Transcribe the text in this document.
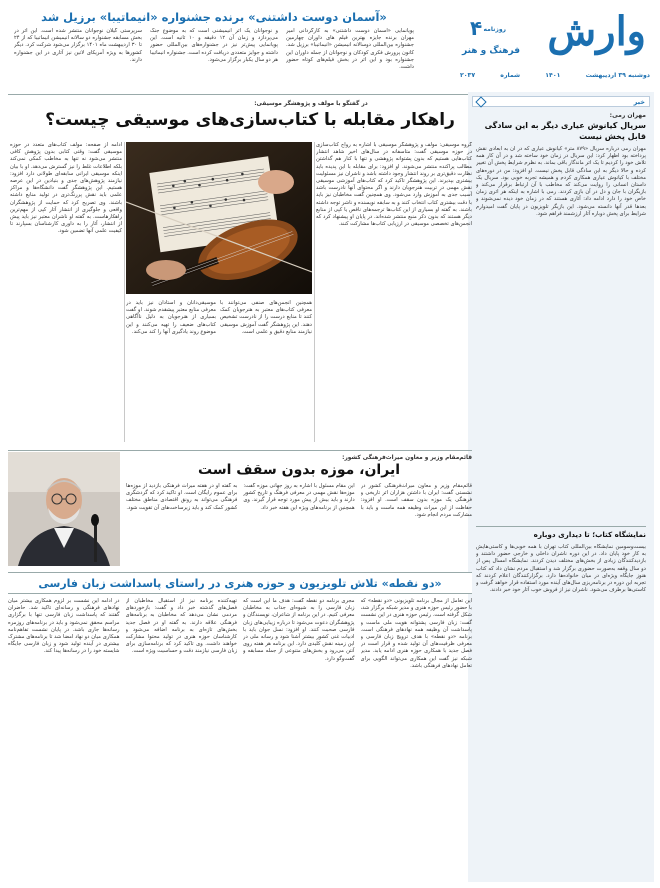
وارش
روزنامه
۴
فرهنگ و هنر
دوشنبه ۳۹ اردیبهشت
۱۴۰۱
شماره
۲۰۳۷
«آسمان دوست داشتنی» برنده جشنواره «انیماتیبا» برزیل شد
پویانمایی «آسمان دوست داشتنی» به کارگردانی امیر مهران برنده جایزه بهترین فیلم های داوران چهارمین جشنواره بین‌المللی دوسالانه انیمیشن «انیماتیبا» برزیل شد. کانون پرورش فکری کودکان و نوجوانان از جمله داوران این جشنواره بود و این اثر در بخش فیلم‌های کوتاه حضور داشت.
و نوجوانان یک اثر انیمیشنی است که به موضوع جنگ می‌پردازد و زمان آن ۱۲ دقیقه و ۱۰ ثانیه است. این پویانمایی پیش‌تر نیز در جشنواره‌های بین‌المللی حضور داشته و جوایز متعددی دریافت کرده است. جشنواره انیماتیبا هر دو سال یکبار برگزار می‌شود.
سرپرستی گیلان نوجوانان منتشر شده است. این اثر در بخش مسابقه جشنواره دو سالانه انیمیشن انیماتیبا که از ۲۴ تا ۳۰ اردیبهشت ماه ۱۴۰۱ برگزار می‌شود شرکت کرد. دیگر کشورها به ویژه آمریکای لاتین نیز آثاری در این جشنواره دارند.
خبر
مهران رمی:
سریال کیانوش عیاری دیگر به این سادگی قابل پخش نیست
مهران رمی درباره سریال «۸۷۹ متر» کیانوش عیاری که در آن به ابعادی نقش پرداخته بود اظهار کرد: این سریال در زمان خود ساخته شد و در آن کار همه تلاش خود را کردیم تا یک اثر ماندگار باقی بماند. به نظرم شرایط پخش آن تغییر کرده و حالا دیگر به این سادگی قابل پخش نیست. او افزود: من در دوره‌های مختلف با کیانوش عیاری همکاری کردم و همیشه تجربه خوبی بود. سریال یک داستان انسانی را روایت می‌کند که مخاطب با آن ارتباط برقرار می‌کند و بازیگران با جان و دل در آن بازی کردند. رمی با اشاره به اینکه هر اثری زمان خاص خود را دارد ادامه داد: آثاری هستند که در زمان خود دیده نمی‌شوند و بعدها قدر آنها دانسته می‌شود. این بازیگر تلویزیون در پایان گفت امیدوارم شرایط برای پخش دوباره آثار ارزشمند فراهم شود.
نمایشگاه کتاب؛ تا دیداری دوباره
بیست‌وسومین نمایشگاه بین‌المللی کتاب تهران با همه خوبی‌ها و کاستی‌هایش به کار خود پایان داد. در این دوره ناشران داخلی و خارجی حضور داشتند و بازدیدکنندگان زیادی از بخش‌های مختلف دیدن کردند. نمایشگاه امسال پس از دو سال وقفه به‌صورت حضوری برگزار شد و استقبال مردم نشان داد که کتاب هنوز جایگاه ویژه‌ای در میان خانواده‌ها دارد. برگزارکنندگان اعلام کردند که تجربه این دوره در برنامه‌ریزی سال‌های آینده مورد استفاده قرار خواهد گرفت و کاستی‌ها برطرف می‌شود. ناشران نیز از فروش خوب آثار خود خبر دادند.
در گفتگو با مولف و پژوهشگر موسیقی:
راهکار مقابله با کتاب‌سازی‌های موسیقی چیست؟
گروه موسیقی: مولف و پژوهشگر موسیقی با اشاره به رواج کتاب‌سازی در حوزه موسیقی گفت: متاسفانه در سال‌های اخیر شاهد انتشار کتاب‌هایی هستیم که بدون پشتوانه پژوهشی و تنها با کنار هم گذاشتن مطالب پراکنده منتشر می‌شوند. او افزود: برای مقابله با این پدیده باید نظارت دقیق‌تری بر روند انتشار وجود داشته باشد و ناشران نیز مسئولیت بیشتری بپذیرند. این پژوهشگر تاکید کرد که کتاب‌های آموزشی موسیقی نقش مهمی در تربیت هنرجویان دارند و اگر محتوای آنها نادرست باشد آسیب جدی به آموزش وارد می‌شود. وی همچنین گفت مخاطبان نیز باید با دقت بیشتری کتاب انتخاب کنند و به سابقه نویسنده و ناشر توجه داشته باشند. به گفته او بسیاری از این کتاب‌ها ترجمه‌های ناقص یا کپی از منابع دیگر هستند که بدون ذکر منبع منتشر شده‌اند. در پایان او پیشنهاد کرد که انجمن‌های تخصصی موسیقی در ارزیابی کتاب‌ها مشارکت کنند.
همچنین انجمن‌های صنفی می‌توانند با معرفی کتاب‌های معتبر به هنرجویان کمک کنند تا منابع درست را از نادرست تشخیص دهند. این پژوهشگر گفت آموزش موسیقی نیازمند منابع دقیق و علمی است.
موسیقی‌دانان و استادان نیز باید در معرفی منابع معتبر پیشقدم شوند. او گفت بسیاری از هنرجویان به دلیل ناآگاهی کتاب‌های ضعیف را تهیه می‌کنند و این موضوع روند یادگیری آنها را کند می‌کند.
ادامه از صفحه: مولف کتاب‌های متعدد در حوزه موسیقی گفت: وقتی کتابی بدون پژوهش کافی منتشر می‌شود نه تنها به مخاطب کمکی نمی‌کند بلکه اطلاعات غلط را نیز گسترش می‌دهد. او با بیان اینکه موسیقی ایرانی سابقه‌ای طولانی دارد افزود: نیازمند پژوهش‌های جدی و بنیادین در این عرصه هستیم. این پژوهشگر گفت دانشگاه‌ها و مراکز علمی باید نقش پررنگ‌تری در تولید منابع داشته باشند. وی تصریح کرد که حمایت از پژوهشگران واقعی و جلوگیری از انتشار آثار کپی از مهم‌ترین راهکارهاست. به گفته او ناشران معتبر نیز باید پیش از انتشار، آثار را به داوری کارشناسان بسپارند تا کیفیت علمی آنها تضمین شود.
قائم‌مقام وزیر و معاون میراث‌فرهنگی کشور:
ایران، موزه بدون سقف است
قائم‌مقام وزیر و معاون میراث‌فرهنگی کشور در نشستی گفت: ایران با داشتن هزاران اثر تاریخی و فرهنگی یک موزه بدون سقف است. او افزود: حفاظت از این میراث وظیفه همه ماست و باید با مشارکت مردم انجام شود.
این مقام مسئول با اشاره به روز جهانی موزه گفت: موزه‌ها نقش مهمی در معرفی فرهنگ و تاریخ کشور دارند و باید بیش از پیش مورد توجه قرار گیرند. وی همچنین از برنامه‌های ویژه این هفته خبر داد.
به گفته او در هفته میراث فرهنگی بازدید از موزه‌ها برای عموم رایگان است. او تاکید کرد که گردشگری فرهنگی می‌تواند به رونق اقتصادی مناطق مختلف کشور کمک کند و باید زیرساخت‌های آن تقویت شود.
«دو نقطه» تلاش تلویزیون و حوزه هنری در راستای پاسداشت زبان فارسی
این تعامل از مجال برنامه تلویزیونی «دو نقطه» که با حضور رئیس حوزه هنری و مدیر شبکه برگزار شد، شکل گرفته است. رئیس حوزه هنری در این نشست گفت: زبان فارسی پشتوانه هویت ملی ماست و پاسداشت آن وظیفه همه نهادهای فرهنگی است. برنامه «دو نقطه» با هدف ترویج زبان فارسی و معرفی ظرفیت‌های آن تولید شده و قرار است در فصل جدید با همکاری حوزه هنری ادامه یابد. مدیر شبکه نیز گفت این همکاری می‌تواند الگویی برای تعامل نهادهای فرهنگی باشد.
مجری برنامه دو نقطه گفت: هدف ما این است که زبان فارسی را به شیوه‌ای جذاب به مخاطبان معرفی کنیم. در این برنامه از شاعران، نویسندگان و پژوهشگران دعوت می‌شود تا درباره زیبایی‌های زبان فارسی صحبت کنند. او افزود: نسل جوان باید با ادبیات غنی کشور بیشتر آشنا شود و رسانه ملی در این زمینه نقش کلیدی دارد. این برنامه هر هفته روی آنتن می‌رود و بخش‌های متنوعی از جمله مسابقه و گفت‌وگو دارد.
تهیه‌کننده برنامه نیز از استقبال مخاطبان از فصل‌های گذشته خبر داد و گفت: بازخوردهای مردمی نشان می‌دهد که مخاطبان به برنامه‌های فرهنگی علاقه دارند. به گفته او در فصل جدید بخش‌های تازه‌ای به برنامه اضافه می‌شود و کارشناسان حوزه هنری در تولید محتوا مشارکت خواهند داشت. وی تاکید کرد که برنامه‌سازی برای زبان فارسی نیازمند دقت و حساسیت ویژه است.
در ادامه این نشست بر لزوم همکاری بیشتر میان نهادهای فرهنگی و رسانه‌ای تاکید شد. حاضران گفتند که پاسداشت زبان فارسی تنها با برگزاری مراسم محقق نمی‌شود و باید در برنامه‌های روزمره رسانه‌ها جاری باشد. در پایان نشست تفاهم‌نامه همکاری میان دو نهاد امضا شد تا برنامه‌های مشترک بیشتری در آینده تولید شود و زبان فارسی جایگاه شایسته خود را در رسانه‌ها پیدا کند.
